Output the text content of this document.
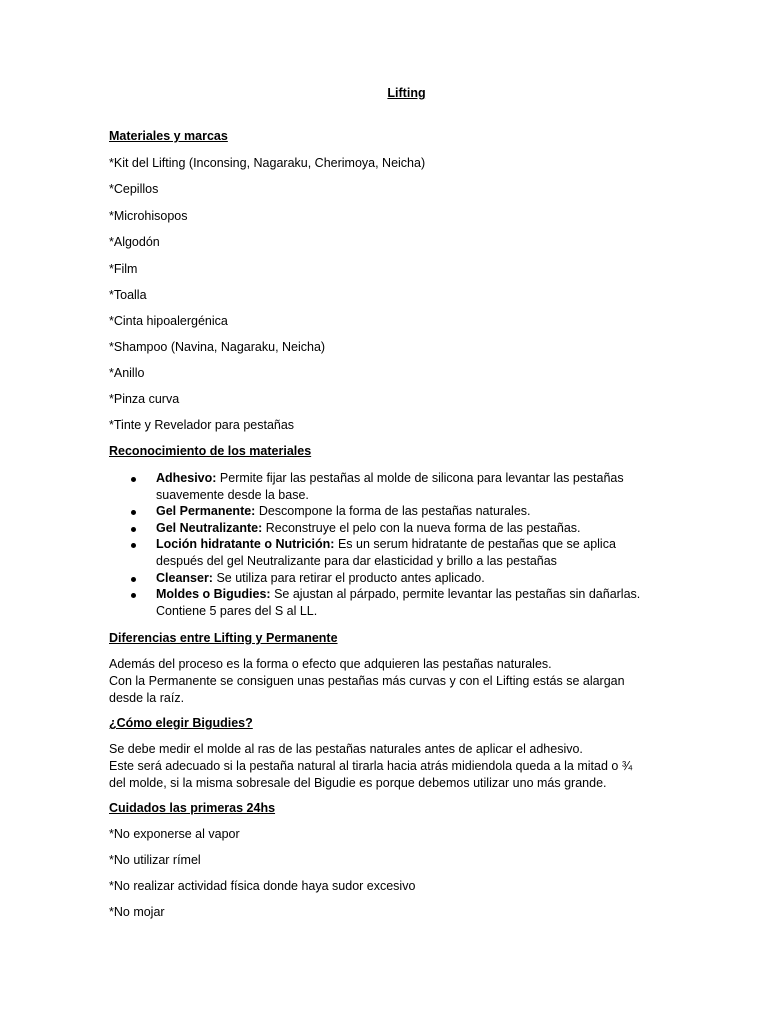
Lifting
Materiales y marcas
*Kit del Lifting (Inconsing, Nagaraku, Cherimoya, Neicha)
*Cepillos
*Microhisopos
*Algodón
*Film
*Toalla
*Cinta hipoalergénica
*Shampoo (Navina, Nagaraku, Neicha)
*Anillo
*Pinza curva
*Tinte y Revelador para pestañas
Reconocimiento de los materiales
Adhesivo: Permite fijar las pestañas al molde de silicona para levantar las pestañas
suavemente desde la base.
Gel Permanente: Descompone la forma de las pestañas naturales.
Gel Neutralizante: Reconstruye el pelo con la nueva forma de las pestañas.
Loción hidratante o Nutrición: Es un serum hidratante de pestañas que se aplica
después del gel Neutralizante para dar elasticidad y brillo a las pestañas
Cleanser: Se utiliza para retirar el producto antes aplicado.
Moldes o Bigudies: Se ajustan al párpado, permite levantar las pestañas sin dañarlas.
Contiene 5 pares del S al LL.
Diferencias entre Lifting y Permanente
Además del proceso es la forma o efecto que adquieren las pestañas naturales.
Con la Permanente se consiguen unas pestañas más curvas y con el Lifting estás se alargan
desde la raíz.
¿Cómo elegir Bigudies?
Se debe medir el molde al ras de las pestañas naturales antes de aplicar el adhesivo.
Este será adecuado si la pestaña natural al tirarla hacia atrás midiendola queda a la mitad o ¾
del molde, si la misma sobresale del Bigudie es porque debemos utilizar uno más grande.
Cuidados las primeras 24hs
*No exponerse al vapor
*No utilizar rímel
*No realizar actividad física donde haya sudor excesivo
*No mojar
